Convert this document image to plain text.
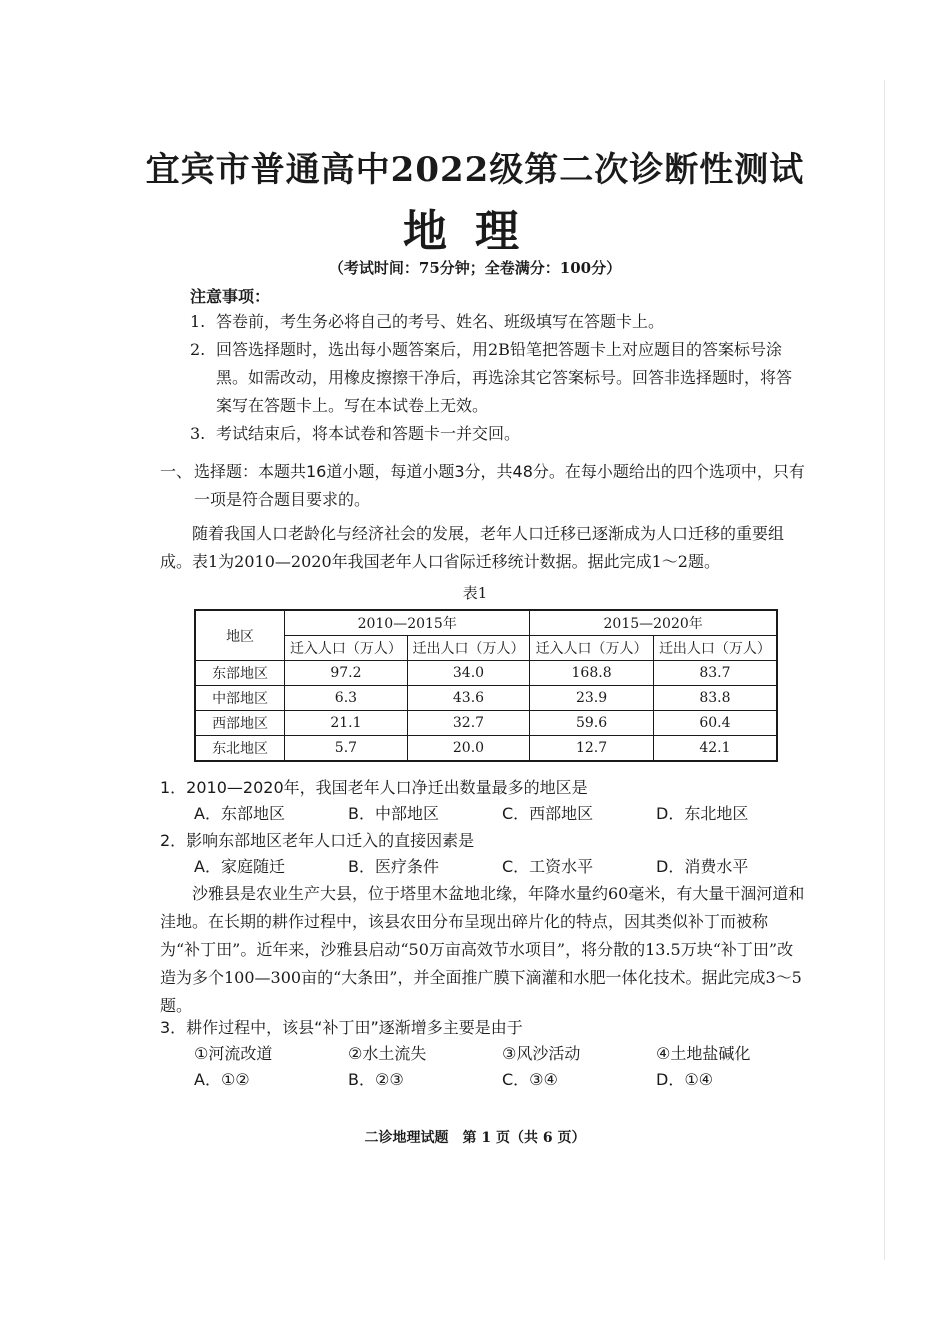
宜宾市普通高中2022级第二次诊断性测试
地理
（考试时间：75分钟；全卷满分：100分）
注意事项：
1. 答卷前，考生务必将自己的考号、姓名、班级填写在答题卡上。
2. 回答选择题时，选出每小题答案后，用2B铅笔把答题卡上对应题目的答案标号涂黑。如需改动，用橡皮擦擦干净后，再选涂其它答案标号。回答非选择题时，将答案写在答题卡上。写在本试卷上无效。
3. 考试结束后，将本试卷和答题卡一并交回。
一、 选择题：本题共16道小题，每道小题3分，共48分。在每小题给出的四个选项中，只有一项是符合题目要求的。
随着我国人口老龄化与经济社会的发展，老年人口迁移已逐渐成为人口迁移的重要组成。表1为2010—2020年我国老年人口省际迁移统计数据。据此完成1～2题。
表1
地区	2010—2015年		2015—2020年	
	迁入人口（万人）	迁出人口（万人）	迁入人口（万人）	迁出人口（万人）
东部地区	97.2	34.0	168.8	83.7
中部地区	6.3	43.6	23.9	83.8
西部地区	21.1	32.7	59.6	60.4
东北地区	5.7	20.0	12.7	42.1
1．2010—2020年，我国老年人口净迁出数量最多的地区是
A．东部地区	B．中部地区	C．西部地区	D．东北地区
2．影响东部地区老年人口迁入的直接因素是
A．家庭随迁	B．医疗条件	C．工资水平	D．消费水平
沙雅县是农业生产大县，位于塔里木盆地北缘，年降水量约60毫米，有大量干涸河道和洼地。在长期的耕作过程中，该县农田分布呈现出碎片化的特点，因其类似补丁而被称为“补丁田”。近年来，沙雅县启动“50万亩高效节水项目”，将分散的13.5万块“补丁田”改造为多个100—300亩的“大条田”，并全面推广膜下滴灌和水肥一体化技术。据此完成3～5题。
3．耕作过程中，该县“补丁田”逐渐增多主要是由于
①河流改道	②水土流失	③风沙活动	④土地盐碱化
A．①②	B．②③	C．③④	D．①④
二诊地理试题　第 1 页（共 6 页）
